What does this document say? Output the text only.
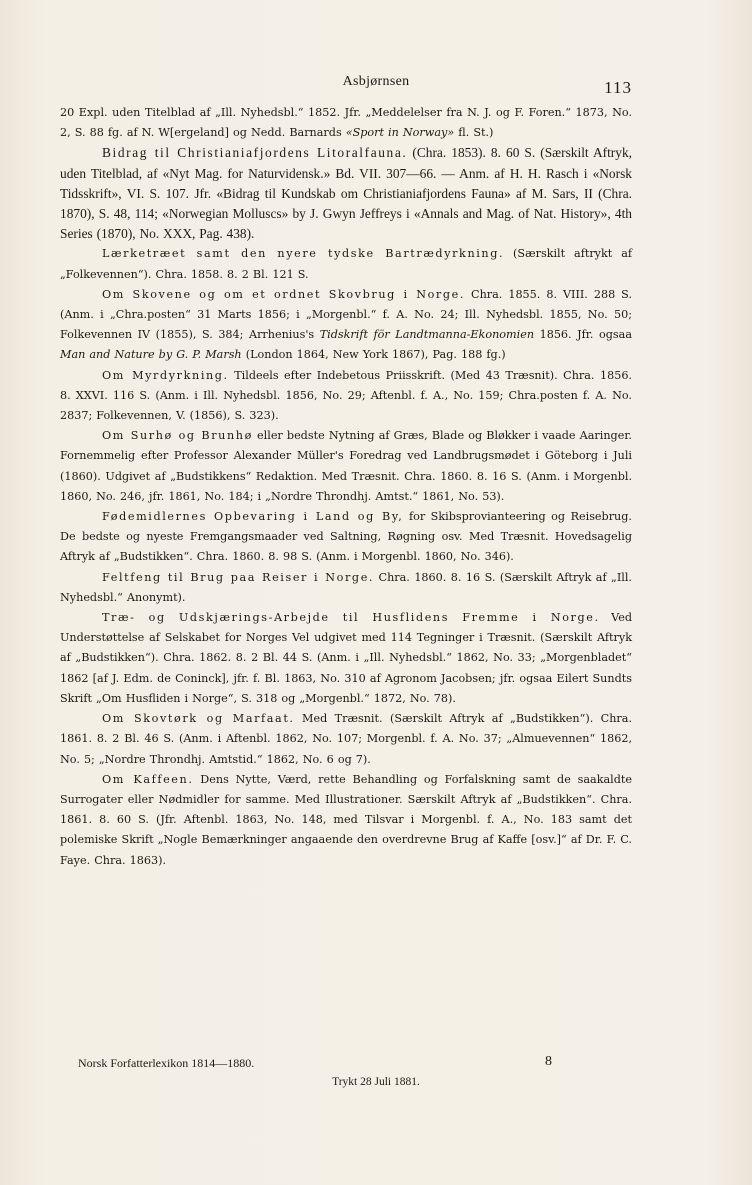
Asbjørnsen	113

20 Expl. uden Titelblad af „Ill. Nyhedsbl.“ 1852. Jfr. „Meddelelser fra N. J. og F. Foren.“ 1873, No. 2, S. 88 fg. af N. W[ergeland] og Nedd. Barnards «Sport in Norway» fl. St.)

Bidrag til Christianiafjordens Litoralfauna. (Chra. 1853). 8. 60 S. (Særskilt Aftryk, uden Titelblad, af «Nyt Mag. for Naturvidensk.» Bd. VII. 307—66. — Anm. af H. H. Rasch i «Norsk Tidsskrift», VI. S. 107. Jfr. «Bidrag til Kundskab om Christianiafjordens Fauna» af M. Sars, II (Chra. 1870), S. 48, 114; «Norwegian Molluscs» by J. Gwyn Jeffreys i «Annals and Mag. of Nat. History», 4th Series (1870), No. XXX, Pag. 438).

Lærketræet samt den nyere tydske Bartrædyrkning. (Særskilt aftrykt af „Folkevennen“). Chra. 1858. 8. 2 Bl. 121 S.

Om Skovene og om et ordnet Skovbrug i Norge. Chra. 1855. 8. VIII. 288 S. (Anm. i „Chra.posten“ 31 Marts 1856; i „Morgenbl.“ f. A. No. 24; Ill. Nyhedsbl. 1855, No. 50; Folkevennen IV (1855), S. 384; Arrhenius's Tidskrift för Landtmanna-Ekonomien 1856. Jfr. ogsaa Man and Nature by G. P. Marsh (London 1864, New York 1867), Pag. 188 fg.)

Om Myrdyrkning. Tildeels efter Indebetous Priisskrift. (Med 43 Træsnit). Chra. 1856. 8. XXVI. 116 S. (Anm. i Ill. Nyhedsbl. 1856, No. 29; Aftenbl. f. A., No. 159; Chra.posten f. A. No. 2837; Folkevennen, V. (1856), S. 323).

Om Surhø og Brunhø eller bedste Nytning af Græs, Blade og Bløkker i vaade Aaringer. Fornemmelig efter Professor Alexander Müller's Foredrag ved Landbrugsmødet i Göteborg i Juli (1860). Udgivet af „Budstikkens“ Redaktion. Med Træsnit. Chra. 1860. 8. 16 S. (Anm. i Morgenbl. 1860, No. 246, jfr. 1861, No. 184; i „Nordre Throndhj. Amtst.“ 1861, No. 53).

Fødemidlernes Opbevaring i Land og By, for Skibsprovianteering og Reisebrug. De bedste og nyeste Fremgangsmaader ved Saltning, Røgning osv. Med Træsnit. Hovedsagelig Aftryk af „Budstikken“. Chra. 1860. 8. 98 S. (Anm. i Morgenbl. 1860, No. 346).

Feltfeng til Brug paa Reiser i Norge. Chra. 1860. 8. 16 S. (Særskilt Aftryk af „Ill. Nyhedsbl.“ Anonymt).

Træ- og Udskjærings-Arbejde til Husflidens Fremme i Norge. Ved Understøttelse af Selskabet for Norges Vel udgivet med 114 Tegninger i Træsnit. (Særskilt Aftryk af „Budstikken“). Chra. 1862. 8. 2 Bl. 44 S. (Anm. i „Ill. Nyhedsbl.“ 1862, No. 33; „Morgenbladet“ 1862 [af J. Edm. de Coninck], jfr. f. Bl. 1863, No. 310 af Agronom Jacobsen; jfr. ogsaa Eilert Sundts Skrift „Om Husfliden i Norge“, S. 318 og „Morgenbl.“ 1872, No. 78).

Om Skovtørk og Marfaat. Med Træsnit. (Særskilt Aftryk af „Budstikken“). Chra. 1861. 8. 2 Bl. 46 S. (Anm. i Aftenbl. 1862, No. 107; Morgenbl. f. A. No. 37; „Almuevennen“ 1862, No. 5; „Nordre Throndhj. Amtstid.“ 1862, No. 6 og 7).

Om Kaffeen. Dens Nytte, Værd, rette Behandling og Forfalskning samt de saakaldte Surrogater eller Nødmidler for samme. Med Illustrationer. Særskilt Aftryk af „Budstikken“. Chra. 1861. 8. 60 S. (Jfr. Aftenbl. 1863, No. 148, med Tilsvar i Morgenbl. f. A., No. 183 samt det polemiske Skrift „Nogle Bemærkninger angaaende den overdrevne Brug af Kaffe [osv.]“ af Dr. F. C. Faye. Chra. 1863).

Norsk Forfatterlexikon 1814—1880.	8
Trykt 28 Juli 1881.
